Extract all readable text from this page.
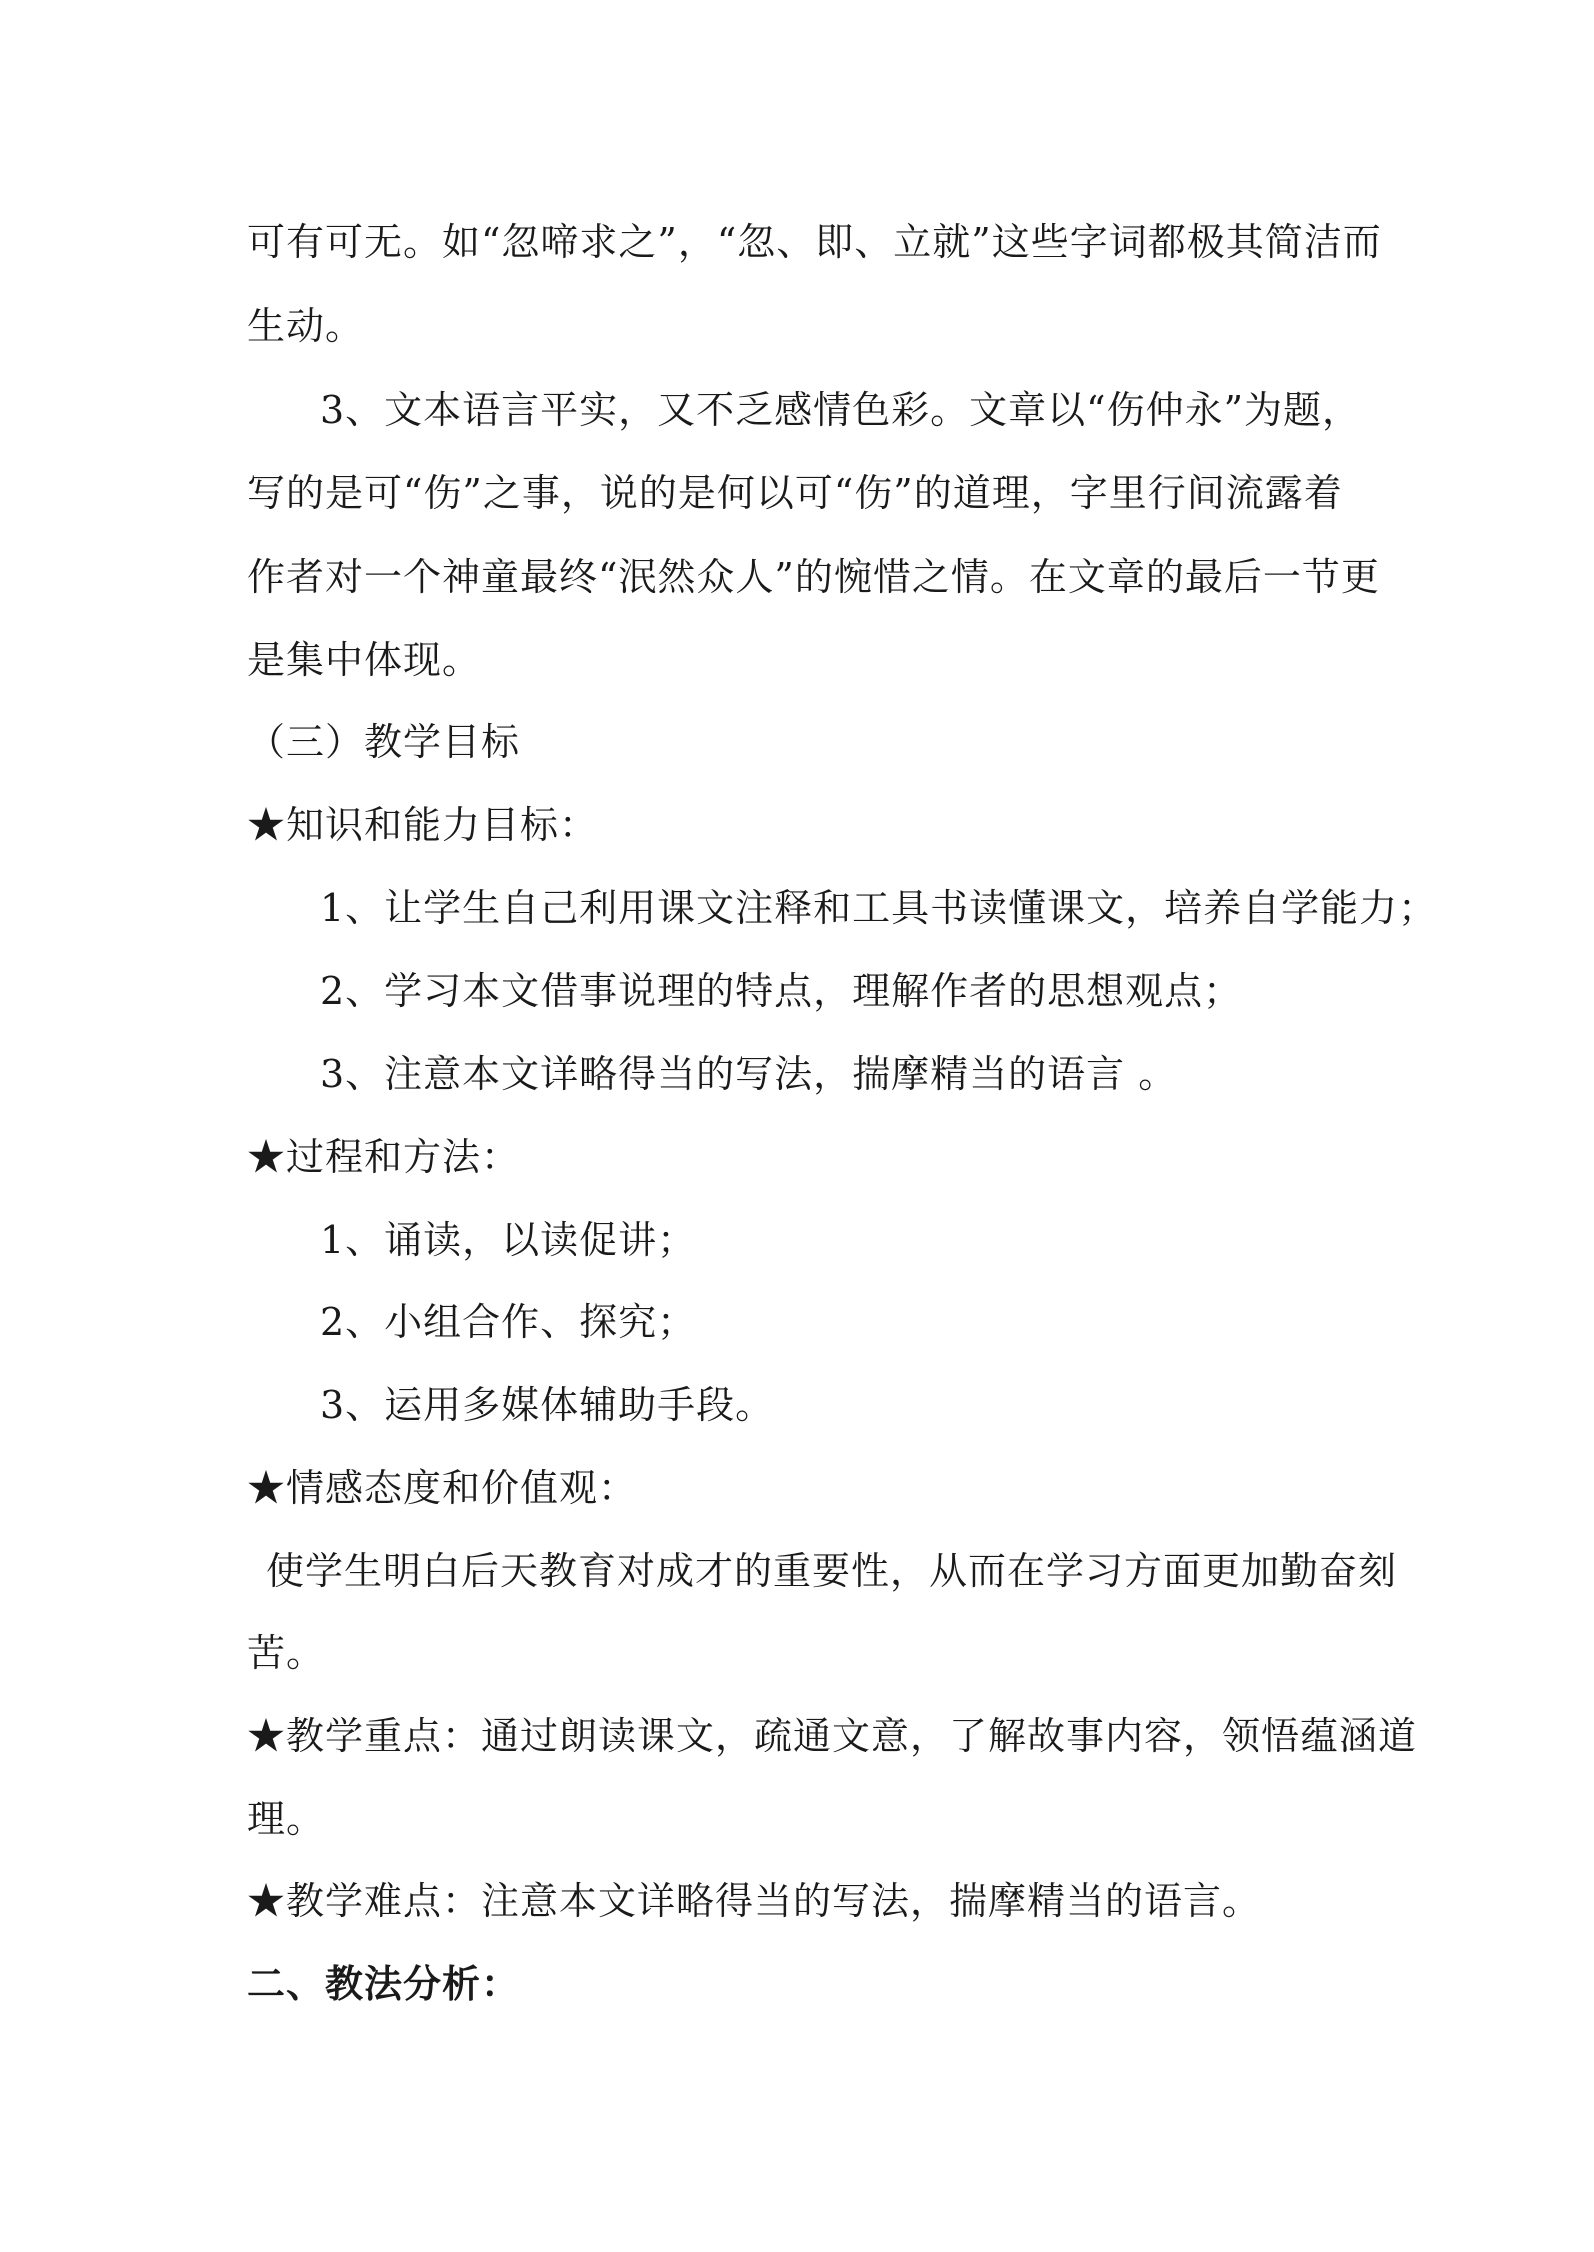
可有可无。如“忽啼求之”，“忽、即、立就”这些字词都极其简洁而
生动。
3、文本语言平实，又不乏感情色彩。文章以“伤仲永”为题，
写的是可“伤”之事，说的是何以可“伤”的道理，字里行间流露着
作者对一个神童最终“泯然众人”的惋惜之情。在文章的最后一节更
是集中体现。
（三）教学目标
★知识和能力目标：
1、让学生自己利用课文注释和工具书读懂课文，培养自学能力；
2、学习本文借事说理的特点，理解作者的思想观点；
3、注意本文详略得当的写法，揣摩精当的语言 。
★过程和方法：
1、诵读，以读促讲；
2、小组合作、探究；
3、运用多媒体辅助手段。
★情感态度和价值观：
使学生明白后天教育对成才的重要性，从而在学习方面更加勤奋刻
苦。
★教学重点：通过朗读课文，疏通文意，了解故事内容，领悟蕴涵道
理。
★教学难点：注意本文详略得当的写法，揣摩精当的语言。
二、教法分析：
